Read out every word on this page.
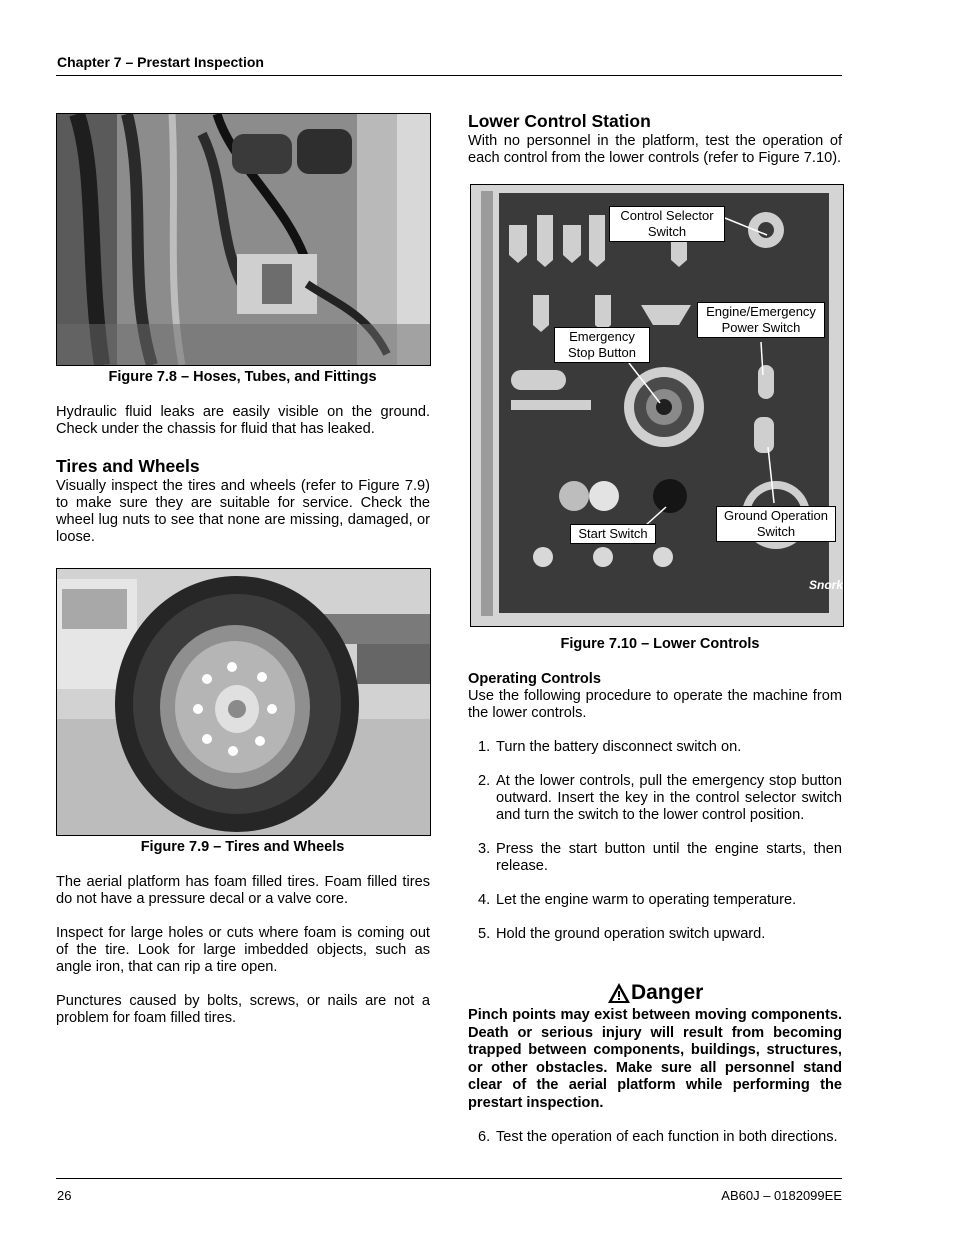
Chapter 7 – Prestart Inspection
Figure 7.8 – Hoses, Tubes, and Fittings
Hydraulic fluid leaks are easily visible on the ground. Check under the chassis for fluid that has leaked.
Tires and Wheels
Visually inspect the tires and wheels (refer to Figure 7.9) to make sure they are suitable for service. Check the wheel lug nuts to see that none are missing, damaged, or loose.
Figure 7.9 – Tires and Wheels
The aerial platform has foam filled tires. Foam filled tires do not have a pressure decal or a valve core.
Inspect for large holes or cuts where foam is coming out of the tire. Look for large imbedded objects, such as angle iron, that can rip a tire open.
Punctures caused by bolts, screws, or nails are not a problem for foam filled tires.
Lower Control Station
With no personnel in the platform, test the operation of each control from the lower controls (refer to Figure 7.10).
Snork
Control Selector Switch
Engine/Emergency Power Switch
Emergency Stop Button
Ground Operation Switch
Start Switch
Figure 7.10 – Lower Controls
Operating Controls
Use the following procedure to operate the machine from the lower controls.
1. Turn the battery disconnect switch on.
2. At the lower controls, pull the emergency stop button outward. Insert the key in the control selector switch and turn the switch to the lower control position.
3. Press the start button until the engine starts, then release.
4. Let the engine warm to operating temperature.
5. Hold the ground operation switch upward.
Danger
Pinch points may exist between moving components. Death or serious injury will result from becoming trapped between components, buildings, structures, or other obstacles. Make sure all personnel stand clear of the aerial platform while performing the prestart inspection.
6. Test the operation of each function in both directions.
26	AB60J – 0182099EE
